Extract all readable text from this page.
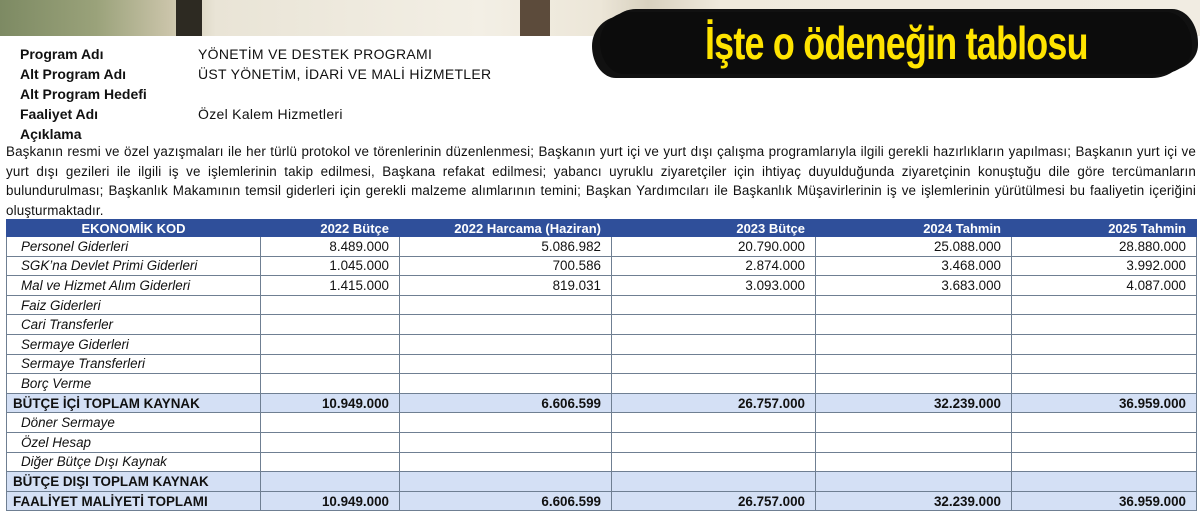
İşte o ödeneğin tablosu
Program Adı	YÖNETİM VE DESTEK PROGRAMI
Alt Program Adı	ÜST YÖNETİM, İDARİ VE MALİ HİZMETLER
Alt Program Hedefi
Faaliyet Adı	Özel Kalem Hizmetleri
Açıklama
Başkanın resmi ve özel yazışmaları ile her türlü protokol ve törenlerinin düzenlenmesi; Başkanın yurt içi ve yurt dışı çalışma programlarıyla ilgili gerekli hazırlıkların yapılması; Başkanın yurt içi ve yurt dışı gezileri ile ilgili iş ve işlemlerinin takip edilmesi, Başkana refakat edilmesi; yabancı uyruklu ziyaretçiler için ihtiyaç duyulduğunda ziyaretçinin konuştuğu dile göre tercümanların bulundurulması; Başkanlık Makamının temsil giderleri için gerekli malzeme alımlarının temini; Başkan Yardımcıları ile Başkanlık Müşavirlerinin iş ve işlemlerinin yürütülmesi bu faaliyetin içeriğini oluşturmaktadır.
EKONOMİK KOD	2022 Bütçe	2022 Harcama (Haziran)	2023 Bütçe	2024 Tahmin	2025 Tahmin
Personel Giderleri	8.489.000	5.086.982	20.790.000	25.088.000	28.880.000
SGK’na Devlet Primi Giderleri	1.045.000	700.586	2.874.000	3.468.000	3.992.000
Mal ve Hizmet Alım Giderleri	1.415.000	819.031	3.093.000	3.683.000	4.087.000
Faiz Giderleri					
Cari Transferler					
Sermaye Giderleri					
Sermaye Transferleri					
Borç Verme					
BÜTÇE İÇİ TOPLAM KAYNAK	10.949.000	6.606.599	26.757.000	32.239.000	36.959.000
Döner Sermaye					
Özel Hesap					
Diğer Bütçe Dışı Kaynak					
BÜTÇE DIŞI TOPLAM KAYNAK					
FAALİYET MALİYETİ TOPLAMI	10.949.000	6.606.599	26.757.000	32.239.000	36.959.000
